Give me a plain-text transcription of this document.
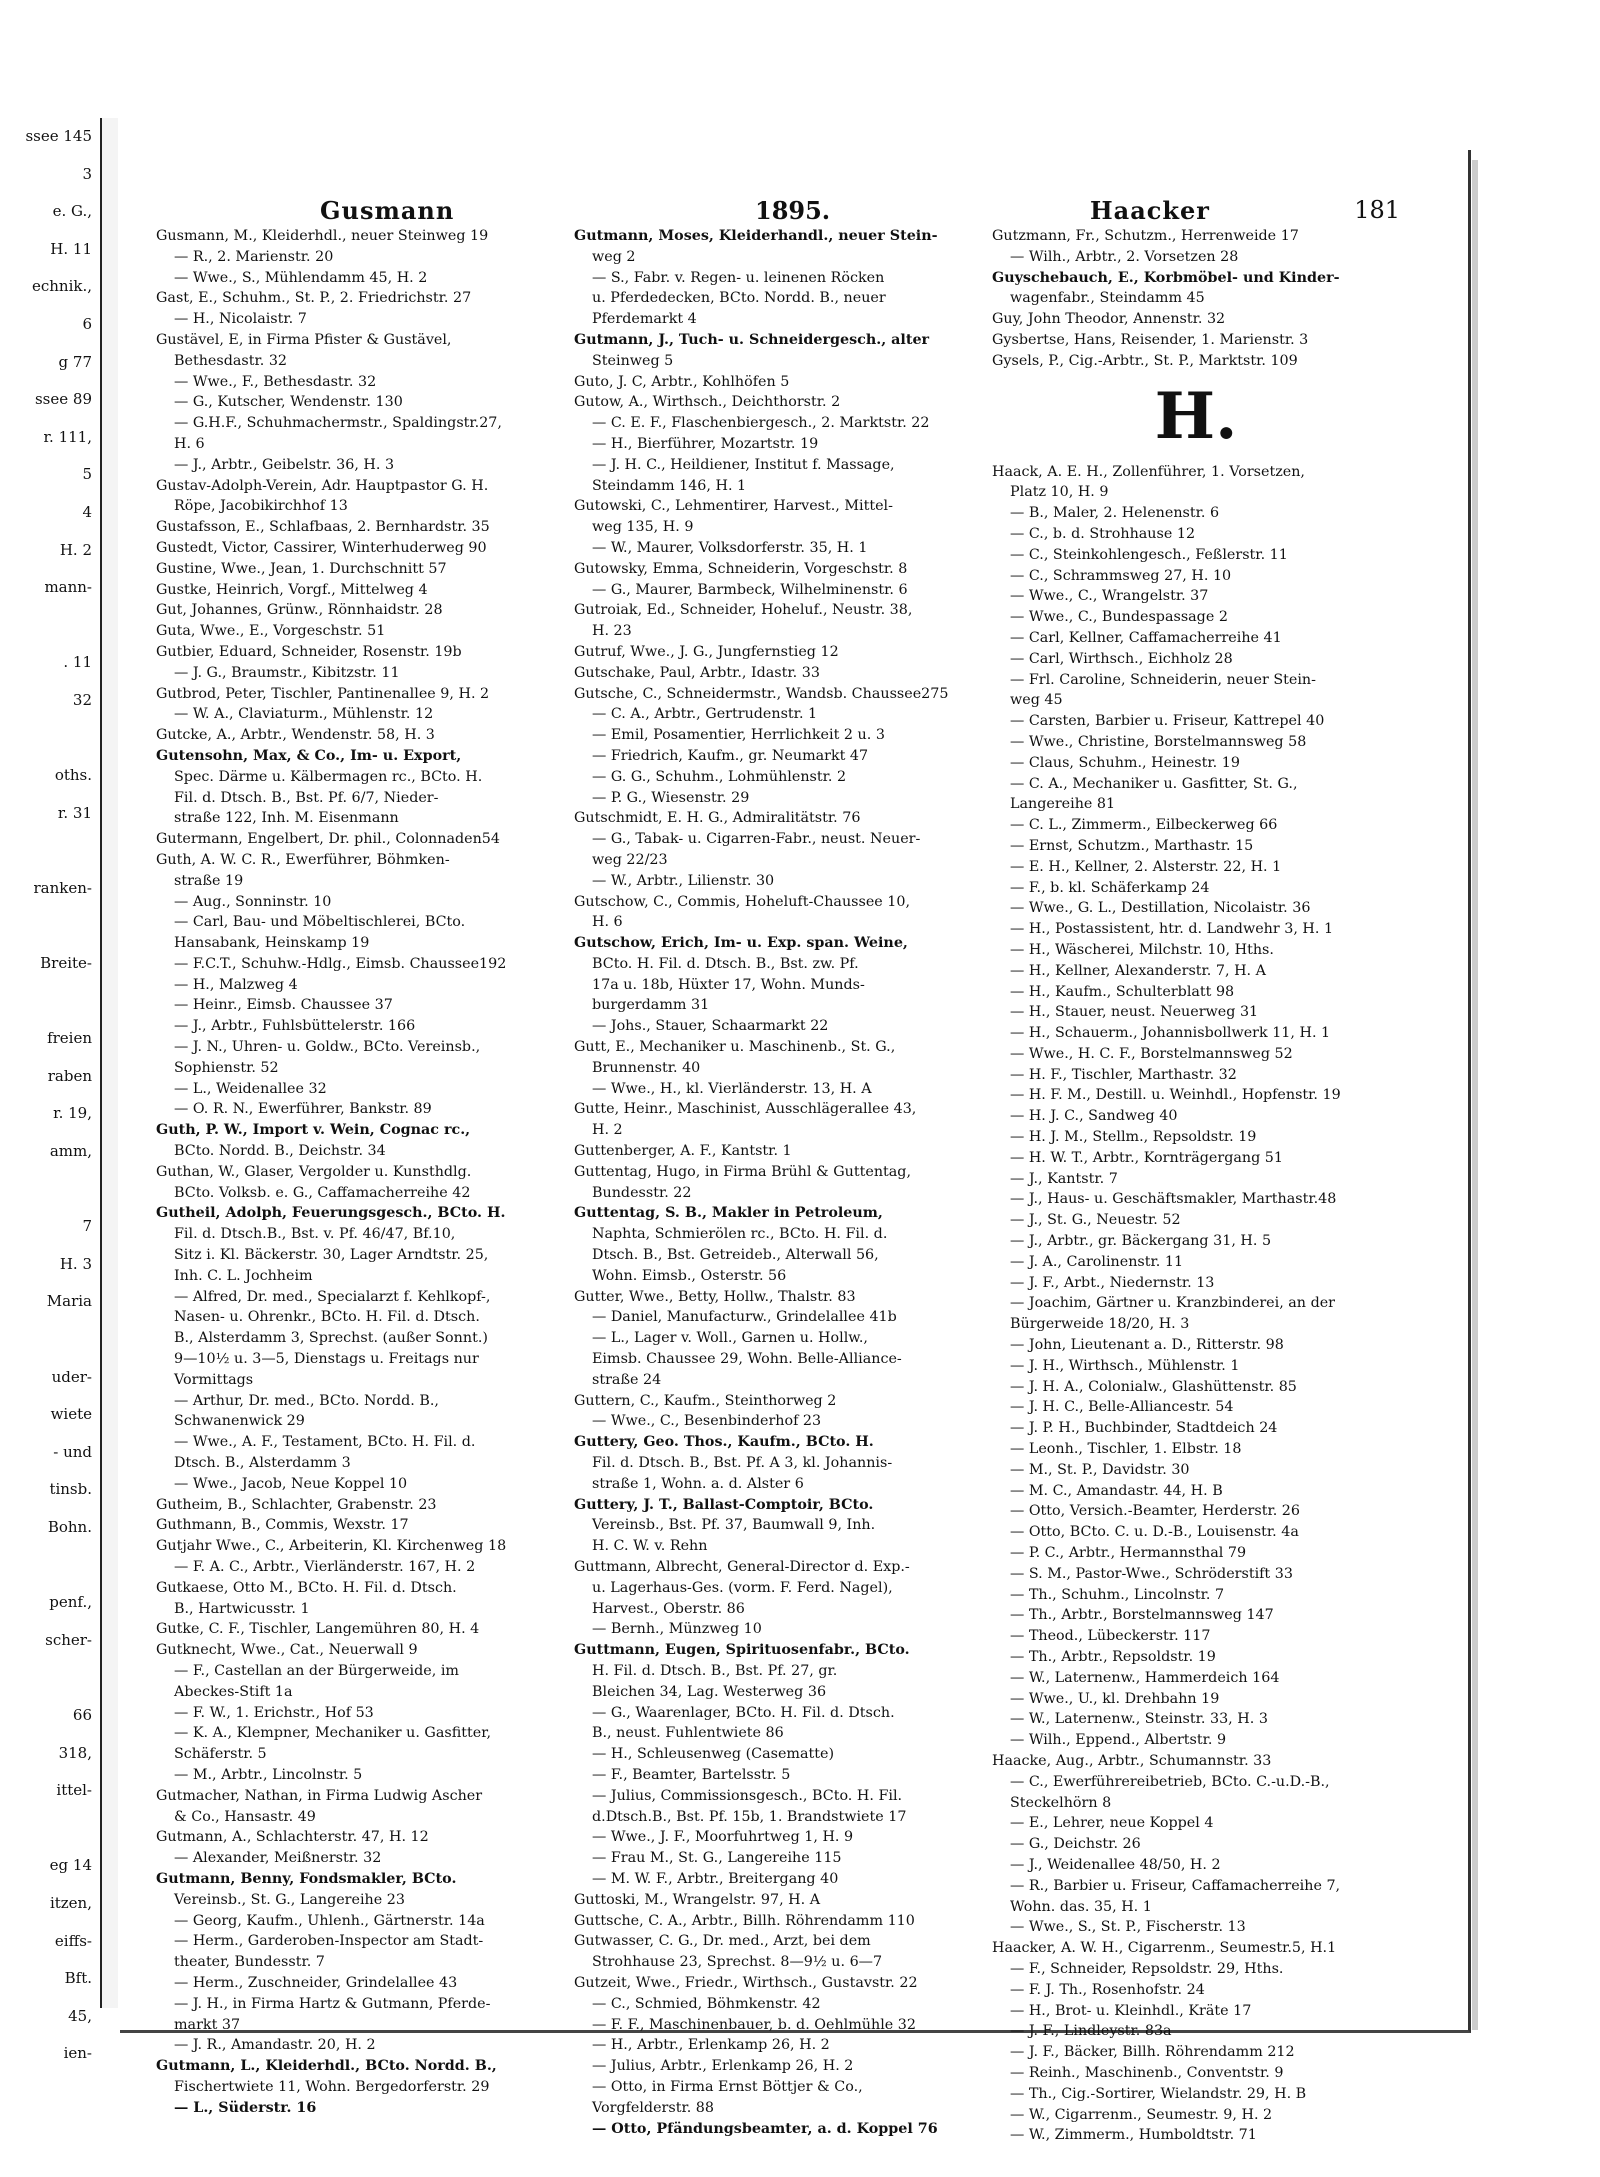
ssee 145
3
e. G.,
H. 11
echnik.,
6
g 77
ssee 89
r. 111,
5
4
H. 2
mann-

. 11
32

oths.
r. 31

ranken-

Breite-

freien
raben
r. 19,
amm,

7
H. 3
Maria

uder-
wiete
- und
tinsb.
Bohn.

penf.,
scher-

66
318,
ittel-

eg 14
itzen,
eiffs-
Bft.
45,
ien-
Gusmann	1895.	Haacker	181
Gusmann, M., Kleiderhdl., neuer Steinweg 19
— R., 2. Marienstr. 20
— Wwe., S., Mühlendamm 45, H. 2
Gast, E., Schuhm., St. P., 2. Friedrichstr. 27
— H., Nicolaistr. 7
Gustävel, E, in Firma Pfister & Gustävel,
Bethesdastr. 32
— Wwe., F., Bethesdastr. 32
— G., Kutscher, Wendenstr. 130
— G.H.F., Schuhmachermstr., Spaldingstr.27,
H. 6
— J., Arbtr., Geibelstr. 36, H. 3
Gustav-Adolph-Verein, Adr. Hauptpastor G. H.
Röpe, Jacobikirchhof 13
Gustafsson, E., Schlafbaas, 2. Bernhardstr. 35
Gustedt, Victor, Cassirer, Winterhuderweg 90
Gustine, Wwe., Jean, 1. Durchschnitt 57
Gustke, Heinrich, Vorgf., Mittelweg 4
Gut, Johannes, Grünw., Rönnhaidstr. 28
Guta, Wwe., E., Vorgeschstr. 51
Gutbier, Eduard, Schneider, Rosenstr. 19b
— J. G., Braumstr., Kibitzstr. 11
Gutbrod, Peter, Tischler, Pantinenallee 9, H. 2
— W. A., Claviaturm., Mühlenstr. 12
Gutcke, A., Arbtr., Wendenstr. 58, H. 3
Gutensohn, Max, & Co., Im- u. Export,
Spec. Därme u. Kälbermagen rc., BCto. H.
Fil. d. Dtsch. B., Bst. Pf. 6/7, Nieder-
straße 122, Inh. M. Eisenmann
Gutermann, Engelbert, Dr. phil., Colonnaden54
Guth, A. W. C. R., Ewerführer, Böhmken-
straße 19
— Aug., Sonninstr. 10
— Carl, Bau- und Möbeltischlerei, BCto.
Hansabank, Heinskamp 19
— F.C.T., Schuhw.-Hdlg., Eimsb. Chaussee192
— H., Malzweg 4
— Heinr., Eimsb. Chaussee 37
— J., Arbtr., Fuhlsbüttelerstr. 166
— J. N., Uhren- u. Goldw., BCto. Vereinsb.,
Sophienstr. 52
— L., Weidenallee 32
— O. R. N., Ewerführer, Bankstr. 89
Guth, P. W., Import v. Wein, Cognac rc.,
BCto. Nordd. B., Deichstr. 34
Guthan, W., Glaser, Vergolder u. Kunsthdlg.
BCto. Volksb. e. G., Caffamacherreihe 42
Gutheil, Adolph, Feuerungsgesch., BCto. H.
Fil. d. Dtsch.B., Bst. v. Pf. 46/47, Bf.10,
Sitz i. Kl. Bäckerstr. 30, Lager Arndtstr. 25,
Inh. C. L. Jochheim
— Alfred, Dr. med., Specialarzt f. Kehlkopf-,
Nasen- u. Ohrenkr., BCto. H. Fil. d. Dtsch.
B., Alsterdamm 3, Sprechst. (außer Sonnt.)
9—10½ u. 3—5, Dienstags u. Freitags nur
Vormittags
— Arthur, Dr. med., BCto. Nordd. B.,
Schwanenwick 29
— Wwe., A. F., Testament, BCto. H. Fil. d.
Dtsch. B., Alsterdamm 3
— Wwe., Jacob, Neue Koppel 10
Gutheim, B., Schlachter, Grabenstr. 23
Guthmann, B., Commis, Wexstr. 17
Gutjahr Wwe., C., Arbeiterin, Kl. Kirchenweg 18
— F. A. C., Arbtr., Vierländerstr. 167, H. 2
Gutkaese, Otto M., BCto. H. Fil. d. Dtsch.
B., Hartwicusstr. 1
Gutke, C. F., Tischler, Langemühren 80, H. 4
Gutknecht, Wwe., Cat., Neuerwall 9
— F., Castellan an der Bürgerweide, im
Abeckes-Stift 1a
— F. W., 1. Erichstr., Hof 53
— K. A., Klempner, Mechaniker u. Gasfitter,
Schäferstr. 5
— M., Arbtr., Lincolnstr. 5
Gutmacher, Nathan, in Firma Ludwig Ascher
& Co., Hansastr. 49
Gutmann, A., Schlachterstr. 47, H. 12
— Alexander, Meißnerstr. 32
Gutmann, Benny, Fondsmakler, BCto.
Vereinsb., St. G., Langereihe 23
— Georg, Kaufm., Uhlenh., Gärtnerstr. 14a
— Herm., Garderoben-Inspector am Stadt-
theater, Bundesstr. 7
— Herm., Zuschneider, Grindelallee 43
— J. H., in Firma Hartz & Gutmann, Pferde-
markt 37
— J. R., Amandastr. 20, H. 2
Gutmann, L., Kleiderhdl., BCto. Nordd. B.,
Fischertwiete 11, Wohn. Bergedorferstr. 29
— L., Süderstr. 16
Gutmann, Moses, Kleiderhandl., neuer Stein-
weg 2
— S., Fabr. v. Regen- u. leinenen Röcken
u. Pferdedecken, BCto. Nordd. B., neuer
Pferdemarkt 4
Gutmann, J., Tuch- u. Schneidergesch., alter
Steinweg 5
Guto, J. C, Arbtr., Kohlhöfen 5
Gutow, A., Wirthsch., Deichthorstr. 2
— C. E. F., Flaschenbiergesch., 2. Marktstr. 22
— H., Bierführer, Mozartstr. 19
— J. H. C., Heildiener, Institut f. Massage,
Steindamm 146, H. 1
Gutowski, C., Lehmentirer, Harvest., Mittel-
weg 135, H. 9
— W., Maurer, Volksdorferstr. 35, H. 1
Gutowsky, Emma, Schneiderin, Vorgeschstr. 8
— G., Maurer, Barmbeck, Wilhelminenstr. 6
Gutroiak, Ed., Schneider, Hoheluf., Neustr. 38,
H. 23
Gutruf, Wwe., J. G., Jungfernstieg 12
Gutschake, Paul, Arbtr., Idastr. 33
Gutsche, C., Schneidermstr., Wandsb. Chaussee275
— C. A., Arbtr., Gertrudenstr. 1
— Emil, Posamentier, Herrlichkeit 2 u. 3
— Friedrich, Kaufm., gr. Neumarkt 47
— G. G., Schuhm., Lohmühlenstr. 2
— P. G., Wiesenstr. 29
Gutschmidt, E. H. G., Admiralitätstr. 76
— G., Tabak- u. Cigarren-Fabr., neust. Neuer-
weg 22/23
— W., Arbtr., Lilienstr. 30
Gutschow, C., Commis, Hoheluft-Chaussee 10,
H. 6
Gutschow, Erich, Im- u. Exp. span. Weine,
BCto. H. Fil. d. Dtsch. B., Bst. zw. Pf.
17a u. 18b, Hüxter 17, Wohn. Munds-
burgerdamm 31
— Johs., Stauer, Schaarmarkt 22
Gutt, E., Mechaniker u. Maschinenb., St. G.,
Brunnenstr. 40
— Wwe., H., kl. Vierländerstr. 13, H. A
Gutte, Heinr., Maschinist, Ausschlägerallee 43,
H. 2
Guttenberger, A. F., Kantstr. 1
Guttentag, Hugo, in Firma Brühl & Guttentag,
Bundesstr. 22
Guttentag, S. B., Makler in Petroleum,
Naphta, Schmierölen rc., BCto. H. Fil. d.
Dtsch. B., Bst. Getreideb., Alterwall 56,
Wohn. Eimsb., Osterstr. 56
Gutter, Wwe., Betty, Hollw., Thalstr. 83
— Daniel, Manufacturw., Grindelallee 41b
— L., Lager v. Woll., Garnen u. Hollw.,
Eimsb. Chaussee 29, Wohn. Belle-Alliance-
straße 24
Guttern, C., Kaufm., Steinthorweg 2
— Wwe., C., Besenbinderhof 23
Guttery, Geo. Thos., Kaufm., BCto. H.
Fil. d. Dtsch. B., Bst. Pf. A 3, kl. Johannis-
straße 1, Wohn. a. d. Alster 6
Guttery, J. T., Ballast-Comptoir, BCto.
Vereinsb., Bst. Pf. 37, Baumwall 9, Inh.
H. C. W. v. Rehn
Guttmann, Albrecht, General-Director d. Exp.-
u. Lagerhaus-Ges. (vorm. F. Ferd. Nagel),
Harvest., Oberstr. 86
— Bernh., Münzweg 10
Guttmann, Eugen, Spirituosenfabr., BCto.
H. Fil. d. Dtsch. B., Bst. Pf. 27, gr.
Bleichen 34, Lag. Westerweg 36
— G., Waarenlager, BCto. H. Fil. d. Dtsch.
B., neust. Fuhlentwiete 86
— H., Schleusenweg (Casematte)
— F., Beamter, Bartelsstr. 5
— Julius, Commissionsgesch., BCto. H. Fil.
d.Dtsch.B., Bst. Pf. 15b, 1. Brandstwiete 17
— Wwe., J. F., Moorfuhrtweg 1, H. 9
— Frau M., St. G., Langereihe 115
— M. W. F., Arbtr., Breitergang 40
Guttoski, M., Wrangelstr. 97, H. A
Guttsche, C. A., Arbtr., Billh. Röhrendamm 110
Gutwasser, C. G., Dr. med., Arzt, bei dem
Strohhause 23, Sprechst. 8—9½ u. 6—7
Gutzeit, Wwe., Friedr., Wirthsch., Gustavstr. 22
— C., Schmied, Böhmkenstr. 42
— F. F., Maschinenbauer, b. d. Oehlmühle 32
— H., Arbtr., Erlenkamp 26, H. 2
— Julius, Arbtr., Erlenkamp 26, H. 2
— Otto, in Firma Ernst Böttjer & Co.,
Vorgfelderstr. 88
— Otto, Pfändungsbeamter, a. d. Koppel 76
Gutzmann, Fr., Schutzm., Herrenweide 17
— Wilh., Arbtr., 2. Vorsetzen 28
Guyschebauch, E., Korbmöbel- und Kinder-
wagenfabr., Steindamm 45
Guy, John Theodor, Annenstr. 32
Gysbertse, Hans, Reisender, 1. Marienstr. 3
Gysels, P., Cig.-Arbtr., St. P., Marktstr. 109
H.
Haack, A. E. H., Zollenführer, 1. Vorsetzen,
Platz 10, H. 9
— B., Maler, 2. Helenenstr. 6
— C., b. d. Strohhause 12
— C., Steinkohlengesch., Feßlerstr. 11
— C., Schrammsweg 27, H. 10
— Wwe., C., Wrangelstr. 37
— Wwe., C., Bundespassage 2
— Carl, Kellner, Caffamacherreihe 41
— Carl, Wirthsch., Eichholz 28
— Frl. Caroline, Schneiderin, neuer Stein-
weg 45
— Carsten, Barbier u. Friseur, Kattrepel 40
— Wwe., Christine, Borstelmannsweg 58
— Claus, Schuhm., Heinestr. 19
— C. A., Mechaniker u. Gasfitter, St. G.,
Langereihe 81
— C. L., Zimmerm., Eilbeckerweg 66
— Ernst, Schutzm., Marthastr. 15
— E. H., Kellner, 2. Alsterstr. 22, H. 1
— F., b. kl. Schäferkamp 24
— Wwe., G. L., Destillation, Nicolaistr. 36
— H., Postassistent, htr. d. Landwehr 3, H. 1
— H., Wäscherei, Milchstr. 10, Hths.
— H., Kellner, Alexanderstr. 7, H. A
— H., Kaufm., Schulterblatt 98
— H., Stauer, neust. Neuerweg 31
— H., Schauerm., Johannisbollwerk 11, H. 1
— Wwe., H. C. F., Borstelmannsweg 52
— H. F., Tischler, Marthastr. 32
— H. F. M., Destill. u. Weinhdl., Hopfenstr. 19
— H. J. C., Sandweg 40
— H. J. M., Stellm., Repsoldstr. 19
— H. W. T., Arbtr., Kornträgergang 51
— J., Kantstr. 7
— J., Haus- u. Geschäftsmakler, Marthastr.48
— J., St. G., Neuestr. 52
— J., Arbtr., gr. Bäckergang 31, H. 5
— J. A., Carolinenstr. 11
— J. F., Arbt., Niedernstr. 13
— Joachim, Gärtner u. Kranzbinderei, an der
Bürgerweide 18/20, H. 3
— John, Lieutenant a. D., Ritterstr. 98
— J. H., Wirthsch., Mühlenstr. 1
— J. H. A., Colonialw., Glashüttenstr. 85
— J. H. C., Belle-Alliancestr. 54
— J. P. H., Buchbinder, Stadtdeich 24
— Leonh., Tischler, 1. Elbstr. 18
— M., St. P., Davidstr. 30
— M. C., Amandastr. 44, H. B
— Otto, Versich.-Beamter, Herderstr. 26
— Otto, BCto. C. u. D.-B., Louisenstr. 4a
— P. C., Arbtr., Hermannsthal 79
— S. M., Pastor-Wwe., Schröderstift 33
— Th., Schuhm., Lincolnstr. 7
— Th., Arbtr., Borstelmannsweg 147
— Theod., Lübeckerstr. 117
— Th., Arbtr., Repsoldstr. 19
— W., Laternenw., Hammerdeich 164
— Wwe., U., kl. Drehbahn 19
— W., Laternenw., Steinstr. 33, H. 3
— Wilh., Eppend., Albertstr. 9
Haacke, Aug., Arbtr., Schumannstr. 33
— C., Ewerführereibetrieb, BCto. C.-u.D.-B.,
Steckelhörn 8
— E., Lehrer, neue Koppel 4
— G., Deichstr. 26
— J., Weidenallee 48/50, H. 2
— R., Barbier u. Friseur, Caffamacherreihe 7,
Wohn. das. 35, H. 1
— Wwe., S., St. P., Fischerstr. 13
Haacker, A. W. H., Cigarrenm., Seumestr.5, H.1
— F., Schneider, Repsoldstr. 29, Hths.
— F. J. Th., Rosenhofstr. 24
— H., Brot- u. Kleinhdl., Kräte 17
— J. F., Lindleystr. 83a
— J. F., Bäcker, Billh. Röhrendamm 212
— Reinh., Maschinenb., Conventstr. 9
— Th., Cig.-Sortirer, Wielandstr. 29, H. B
— W., Cigarrenm., Seumestr. 9, H. 2
— W., Zimmerm., Humboldtstr. 71
